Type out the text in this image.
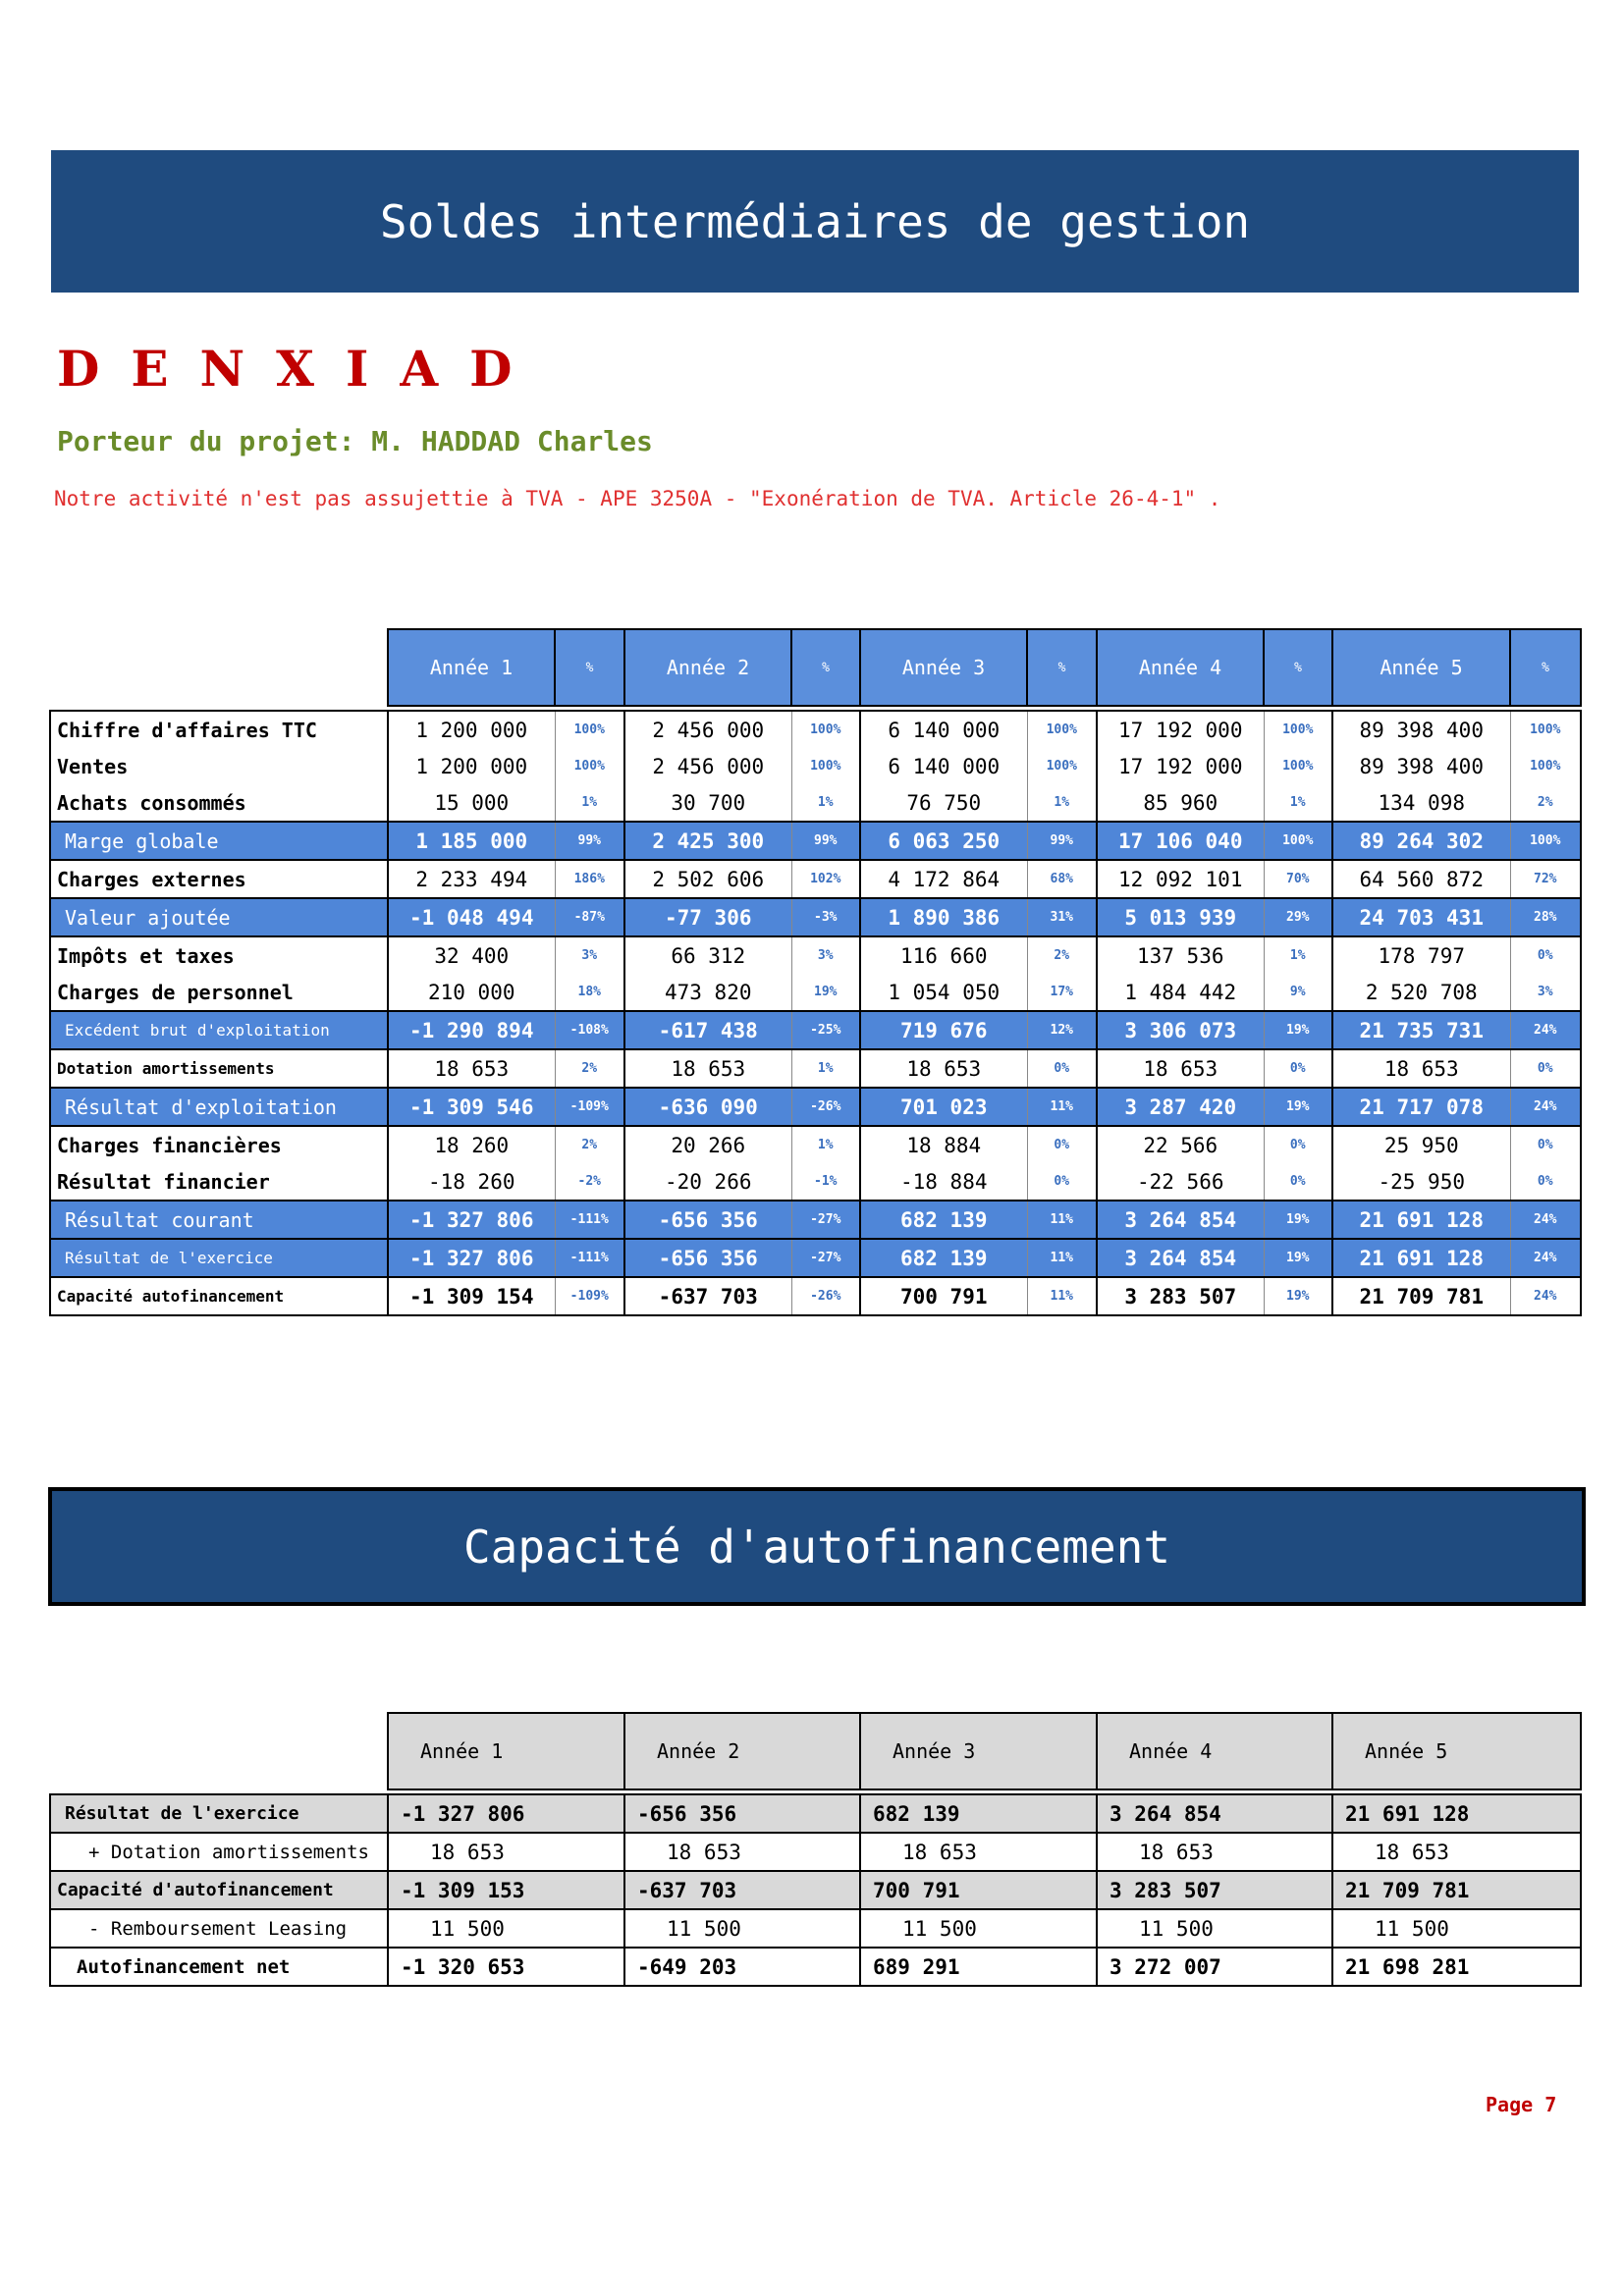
Soldes intermédiaires de gestion
DENXIAD
Porteur du projet: M. HADDAD Charles
Notre activité n'est pas assujettie à TVA - APE 3250A - "Exonération de TVA. Article 26-4-1" .
	Année 1	%	Année 2	%	Année 3	%	Année 4	%	Année 5	%

Chiffre d'affaires TTC	1 200 000	100%	2 456 000	100%	6 140 000	100%	17 192 000	100%	89 398 400	100%
Ventes	1 200 000	100%	2 456 000	100%	6 140 000	100%	17 192 000	100%	89 398 400	100%
Achats consommés	15 000	1%	30 700	1%	76 750	1%	85 960	1%	134 098	2%
Marge globale	1 185 000	99%	2 425 300	99%	6 063 250	99%	17 106 040	100%	89 264 302	100%
Charges externes	2 233 494	186%	2 502 606	102%	4 172 864	68%	12 092 101	70%	64 560 872	72%
Valeur ajoutée	-1 048 494	-87%	-77 306	-3%	1 890 386	31%	5 013 939	29%	24 703 431	28%
Impôts et taxes	32 400	3%	66 312	3%	116 660	2%	137 536	1%	178 797	0%
Charges de personnel	210 000	18%	473 820	19%	1 054 050	17%	1 484 442	9%	2 520 708	3%
Excédent brut d'exploitation	-1 290 894	-108%	-617 438	-25%	719 676	12%	3 306 073	19%	21 735 731	24%
Dotation amortissements	18 653	2%	18 653	1%	18 653	0%	18 653	0%	18 653	0%
Résultat d'exploitation	-1 309 546	-109%	-636 090	-26%	701 023	11%	3 287 420	19%	21 717 078	24%
Charges financières	18 260	2%	20 266	1%	18 884	0%	22 566	0%	25 950	0%
Résultat financier	-18 260	-2%	-20 266	-1%	-18 884	0%	-22 566	0%	-25 950	0%
Résultat courant	-1 327 806	-111%	-656 356	-27%	682 139	11%	3 264 854	19%	21 691 128	24%
Résultat de l'exercice	-1 327 806	-111%	-656 356	-27%	682 139	11%	3 264 854	19%	21 691 128	24%
Capacité autofinancement	-1 309 154	-109%	-637 703	-26%	700 791	11%	3 283 507	19%	21 709 781	24%
Capacité d'autofinancement
	Année 1	Année 2	Année 3	Année 4	Année 5

Résultat de l'exercice	-1 327 806	-656 356	682 139	3 264 854	21 691 128
+ Dotation amortissements	18 653	18 653	18 653	18 653	18 653
Capacité d'autofinancement	-1 309 153	-637 703	700 791	3 283 507	21 709 781
- Remboursement Leasing	11 500	11 500	11 500	11 500	11 500
Autofinancement net	-1 320 653	-649 203	689 291	3 272 007	21 698 281
Page 7
